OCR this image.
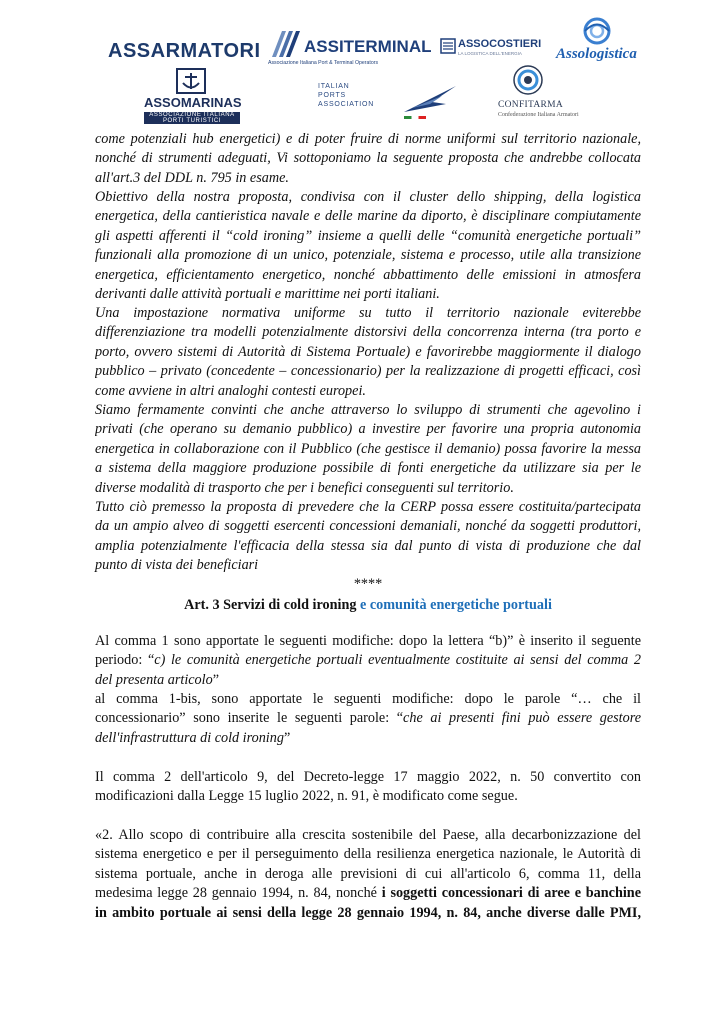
ASSARMATORI	ASSITERMINAL
Associazione Italiana Port & Terminal Operators
ASSOCOSTIERI
LA LOGISTICA DELL'ENERGIA Assologistica
ASSOMARINAS
ASSOCIAZIONE ITALIANA PORTI TURISTICI
ITALIAN
PORTS
ASSOCIATION	CONFITARMA
Confederazione Italiana Armatori
come potenziali hub energetici) e di poter fruire di norme uniformi sul territorio nazionale,
nonché di strumenti adeguati, Vi sottoponiamo la seguente proposta che andrebbe collocata
all'art.3 del DDL n. 795 in esame.
Obiettivo della nostra proposta, condivisa con il cluster dello shipping, della logistica
energetica, della cantieristica navale e delle marine da diporto, è disciplinare compiutamente
gli aspetti afferenti il “cold ironing” insieme a quelli delle “comunità energetiche portuali”
funzionali alla promozione di un unico, potenziale, sistema e processo, utile alla transizione
energetica, efficientamento energetico, nonché abbattimento delle emissioni in atmosfera
derivanti dalle attività portuali e marittime nei porti italiani.
Una impostazione normativa uniforme su tutto il territorio nazionale eviterebbe
differenziazione tra modelli potenzialmente distorsivi della concorrenza interna (tra porto e
porto, ovvero sistemi di Autorità di Sistema Portuale) e favorirebbe maggiormente il dialogo
pubblico – privato (concedente – concessionario) per la realizzazione di progetti efficaci, così
come avviene in altri analoghi contesti europei.
Siamo fermamente convinti che anche attraverso lo sviluppo di strumenti che agevolino i
privati (che operano su demanio pubblico) a investire per favorire una propria autonomia
energetica in collaborazione con il Pubblico (che gestisce il demanio) possa favorire la messa
a sistema della maggiore produzione possibile di fonti energetiche da utilizzare sia per le
diverse modalità di trasporto che per i benefici conseguenti sul territorio.
Tutto ciò premesso la proposta di prevedere che la CERP possa essere costituita/partecipata
da un ampio alveo di soggetti esercenti concessioni demaniali, nonché da soggetti produttori,
amplia potenzialmente l'efficacia della stessa sia dal punto di vista di produzione che dal
punto di vista dei beneficiari
****
Art. 3 Servizi di cold ironing e comunità energetiche portuali
Al comma 1 sono apportate le seguenti modifiche: dopo la lettera “b)” è inserito il seguente
periodo: “c) le comunità energetiche portuali eventualmente costituite ai sensi del comma 2
del presenta articolo”
al comma 1-bis, sono apportate le seguenti modifiche: dopo le parole “… che il
concessionario” sono inserite le seguenti parole: “che ai presenti fini può essere gestore
dell'infrastruttura di cold ironing”
Il comma 2 dell'articolo 9, del Decreto-legge 17 maggio 2022, n. 50 convertito con
modificazioni dalla Legge 15 luglio 2022, n. 91, è modificato come segue.
«2. Allo scopo di contribuire alla crescita sostenibile del Paese, alla decarbonizzazione del
sistema energetico e per il perseguimento della resilienza energetica nazionale, le Autorità di
sistema portuale, anche in deroga alle previsioni di cui all'articolo 6, comma 11, della
medesima legge 28 gennaio 1994, n. 84, nonché i soggetti concessionari di aree e banchine
in ambito portuale ai sensi della legge 28 gennaio 1994, n. 84, anche diverse dalle PMI,
